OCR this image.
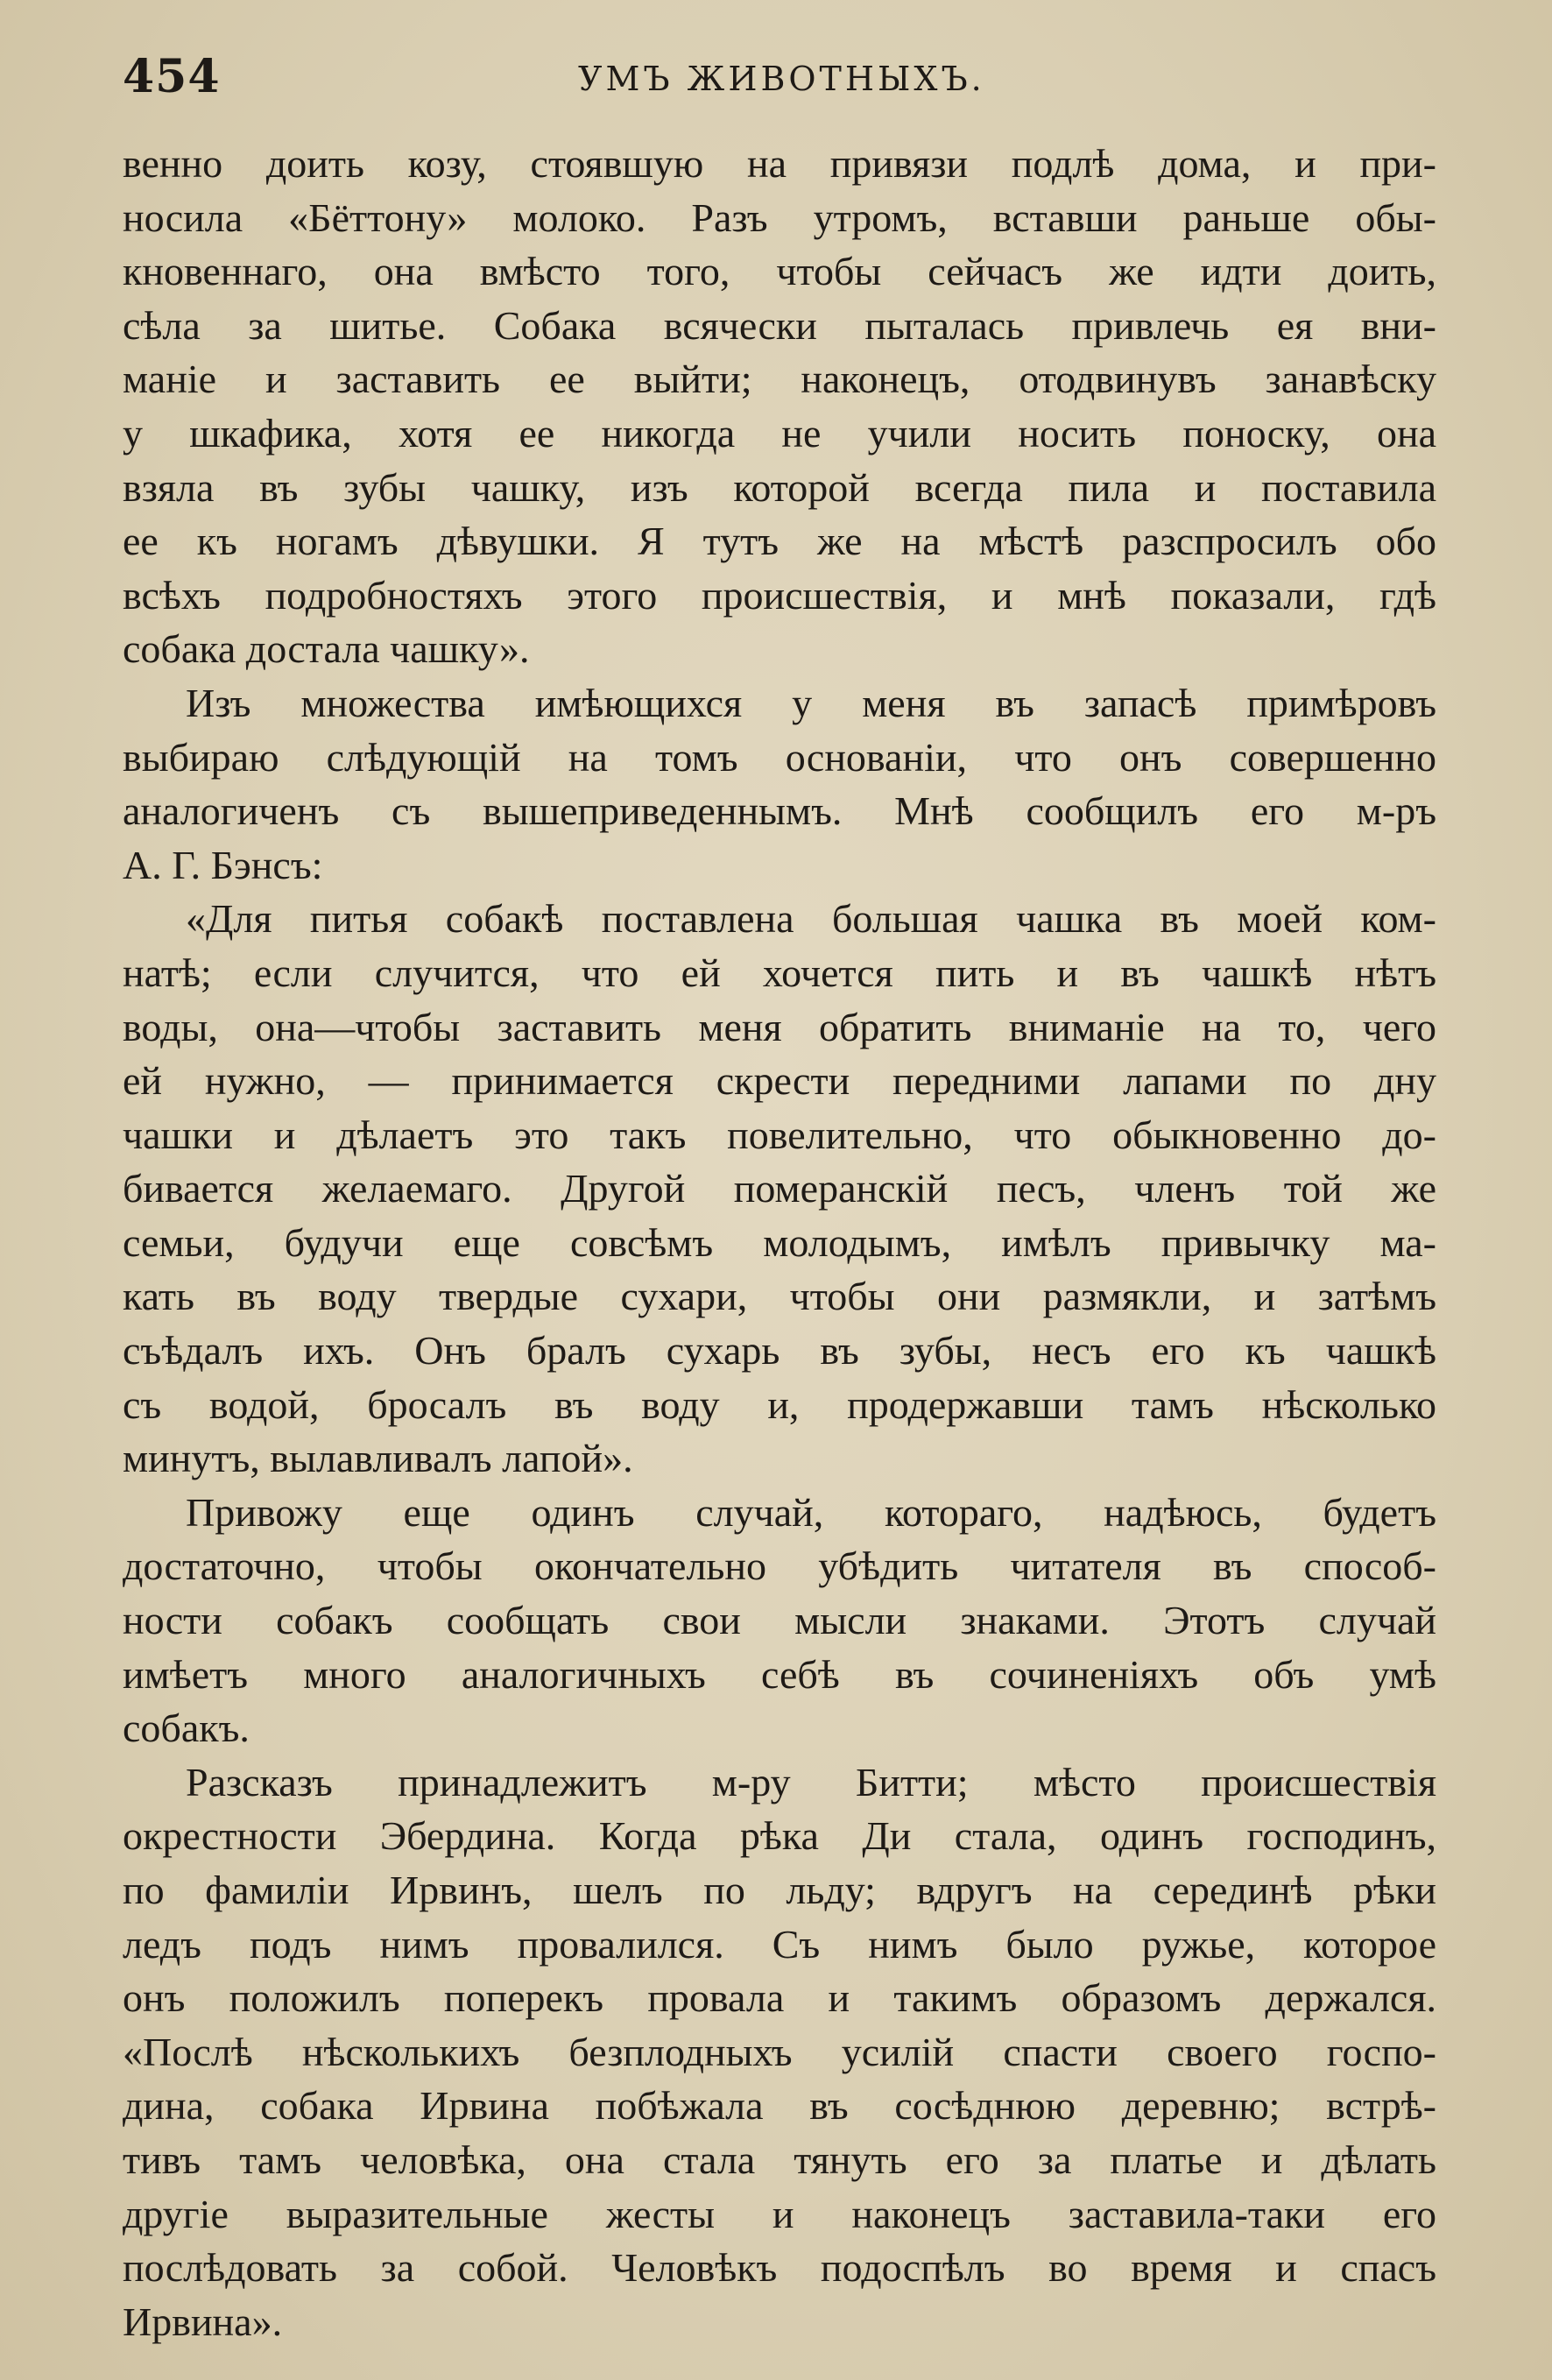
454	УМЪ ЖИВОТНЫХЪ.

венно доить козу, стоявшую на привязи подлѣ дома, и при-
носила «Бёттону» молоко. Разъ утромъ, вставши раньше обы-
кновеннаго, она вмѣсто того, чтобы сейчасъ же идти доить,
сѣла за шитье. Собака всячески пыталась привлечь ея вни-
маніе и заставить ее выйти; наконецъ, отодвинувъ занавѣску
у шкафика, хотя ее никогда не учили носить поноску, она
взяла въ зубы чашку, изъ которой всегда пила и поставила
ее къ ногамъ дѣвушки. Я тутъ же на мѣстѣ разспросилъ обо
всѣхъ подробностяхъ этого происшествія, и мнѣ показали, гдѣ
собака достала чашку».

Изъ множества имѣющихся у меня въ запасѣ примѣровъ
выбираю слѣдующій на томъ основаніи, что онъ совершенно
аналогиченъ съ вышеприведеннымъ. Мнѣ сообщилъ его м-ръ
А. Г. Бэнсъ:

«Для питья собакѣ поставлена большая чашка въ моей ком-
натѣ; если случится, что ей хочется пить и въ чашкѣ нѣтъ
воды, она—чтобы заставить меня обратить вниманіе на то, чего
ей нужно, — принимается скрести передними лапами по дну
чашки и дѣлаетъ это такъ повелительно, что обыкновенно до-
бивается желаемаго. Другой померанскій песъ, членъ той же
семьи, будучи еще совсѣмъ молодымъ, имѣлъ привычку ма-
кать въ воду твердые сухари, чтобы они размякли, и затѣмъ
съѣдалъ ихъ. Онъ бралъ сухарь въ зубы, несъ его къ чашкѣ
съ водой, бросалъ въ воду и, продержавши тамъ нѣсколько
минутъ, вылавливалъ лапой».

Привожу еще одинъ случай, котораго, надѣюсь, будетъ
достаточно, чтобы окончательно убѣдить читателя въ способ-
ности собакъ сообщать свои мысли знаками. Этотъ случай
имѣетъ много аналогичныхъ себѣ въ сочиненіяхъ объ умѣ
собакъ.

Разсказъ принадлежитъ м-ру Битти; мѣсто происшествія
окрестности Эбердина. Когда рѣка Ди стала, одинъ господинъ,
по фамиліи Ирвинъ, шелъ по льду; вдругъ на серединѣ рѣки
ледъ подъ нимъ провалился. Съ нимъ было ружье, которое
онъ положилъ поперекъ провала и такимъ образомъ держался.
«Послѣ нѣсколькихъ безплодныхъ усилій спасти своего госпо-
дина, собака Ирвина побѣжала въ сосѣднюю деревню; встрѣ-
тивъ тамъ человѣка, она стала тянуть его за платье и дѣлать
другіе выразительные жесты и наконецъ заставила-таки его
послѣдовать за собой. Человѣкъ подоспѣлъ во время и спасъ
Ирвина».
